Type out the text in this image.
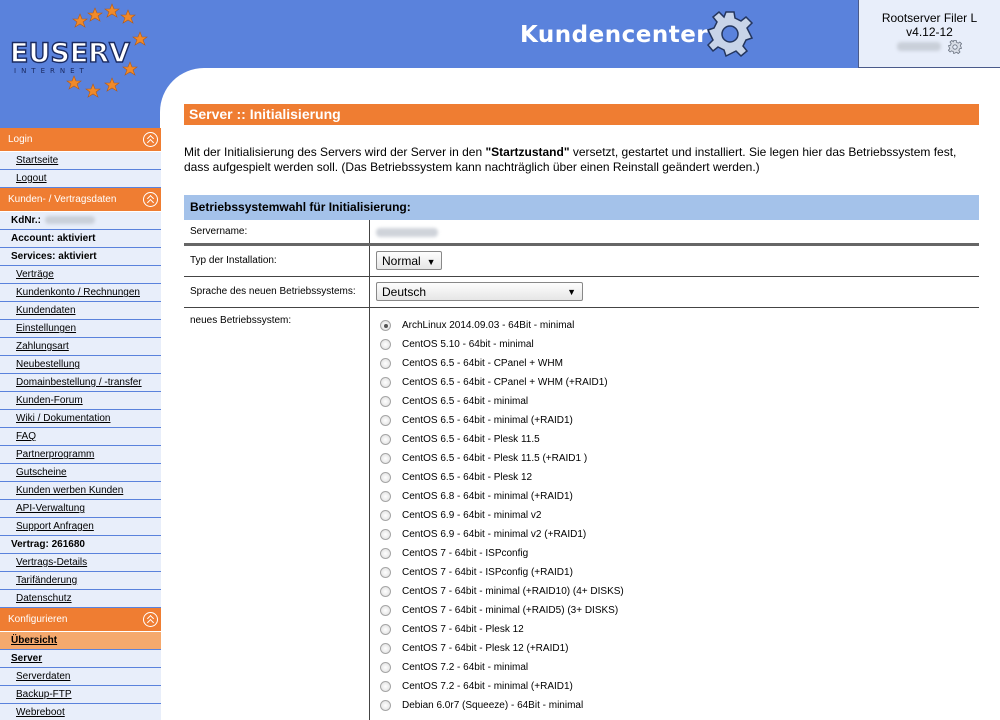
EUSERV
INTERNET
Kundencenter
Rootserver Filer L
v4.12-12

Login
Startseite
Logout
Kunden- / Vertragsdaten
KdNr.:
Account: aktiviert
Services: aktiviert
Verträge
Kundenkonto / Rechnungen
Kundendaten
Einstellungen
Zahlungsart
Neubestellung
Domainbestellung / -transfer
Kunden-Forum
Wiki / Dokumentation
FAQ
Partnerprogramm
Gutscheine
Kunden werben Kunden
API-Verwaltung
Support Anfragen
Vertrag: 261680
Vertrags-Details
Tarifänderung
Datenschutz
Konfigurieren
Übersicht
Server
Serverdaten
Backup-FTP
Webreboot
Server :: Initialisierung

Mit der Initialisierung des Servers wird der Server in den "Startzustand" versetzt, gestartet und installiert. Sie legen hier das Betriebssystem fest, dass aufgespielt werden soll. (Das Betriebssystem kann nachträglich über einen Reinstall geändert werden.)

Betriebssystemwahl für Initialisierung:
Servername:
Typ der Installation:	Normal ▼
Sprache des neuen Betriebssystems:	Deutsch	▼
neues Betriebssystem:	ArchLinux 2014.09.03 - 64Bit - minimal
CentOS 5.10 - 64bit - minimal
CentOS 6.5 - 64bit - CPanel + WHM
CentOS 6.5 - 64bit - CPanel + WHM (+RAID1)
CentOS 6.5 - 64bit - minimal
CentOS 6.5 - 64bit - minimal (+RAID1)
CentOS 6.5 - 64bit - Plesk 11.5
CentOS 6.5 - 64bit - Plesk 11.5 (+RAID1 )
CentOS 6.5 - 64bit - Plesk 12
CentOS 6.8 - 64bit - minimal (+RAID1)
CentOS 6.9 - 64bit - minimal v2
CentOS 6.9 - 64bit - minimal v2 (+RAID1)
CentOS 7 - 64bit - ISPconfig
CentOS 7 - 64bit - ISPconfig (+RAID1)
CentOS 7 - 64bit - minimal (+RAID10) (4+ DISKS)
CentOS 7 - 64bit - minimal (+RAID5) (3+ DISKS)
CentOS 7 - 64bit - Plesk 12
CentOS 7 - 64bit - Plesk 12 (+RAID1)
CentOS 7.2 - 64bit - minimal
CentOS 7.2 - 64bit - minimal (+RAID1)
Debian 6.0r7 (Squeeze) - 64Bit - minimal
